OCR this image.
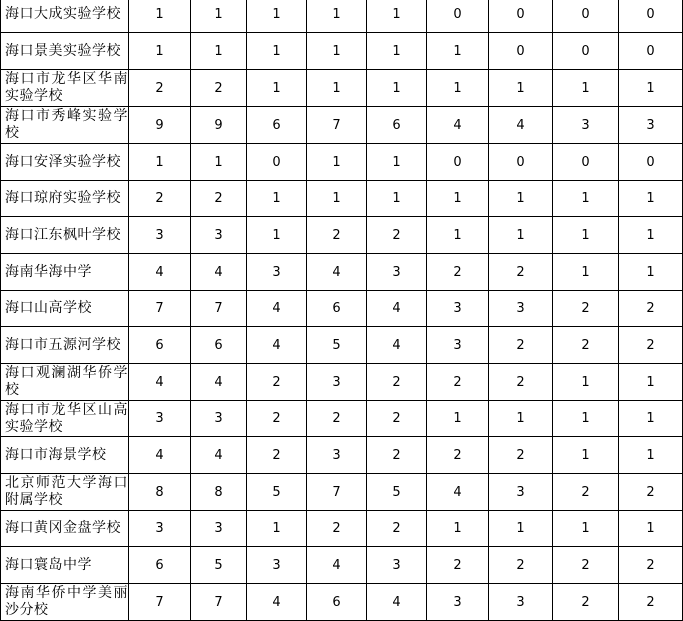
海口大成实验学校	1	1	1	1	1	0	0	0	0
海口景美实验学校	1	1	1	1	1	1	0	0	0
海口市龙华区华南实验学校	2	2	1	1	1	1	1	1	1
海口市秀峰实验学校	9	9	6	7	6	4	4	3	3
海口安泽实验学校	1	1	0	1	1	0	0	0	0
海口琼府实验学校	2	2	1	1	1	1	1	1	1
海口江东枫叶学校	3	3	1	2	2	1	1	1	1
海南华海中学	4	4	3	4	3	2	2	1	1
海口山高学校	7	7	4	6	4	3	3	2	2
海口市五源河学校	6	6	4	5	4	3	2	2	2
海口观澜湖华侨学校	4	4	2	3	2	2	2	1	1
海口市龙华区山高实验学校	3	3	2	2	2	1	1	1	1
海口市海景学校	4	4	2	3	2	2	2	1	1
北京师范大学海口附属学校	8	8	5	7	5	4	3	2	2
海口黄冈金盘学校	3	3	1	2	2	1	1	1	1
海口寰岛中学	6	5	3	4	3	2	2	2	2
海南华侨中学美丽沙分校	7	7	4	6	4	3	3	2	2
